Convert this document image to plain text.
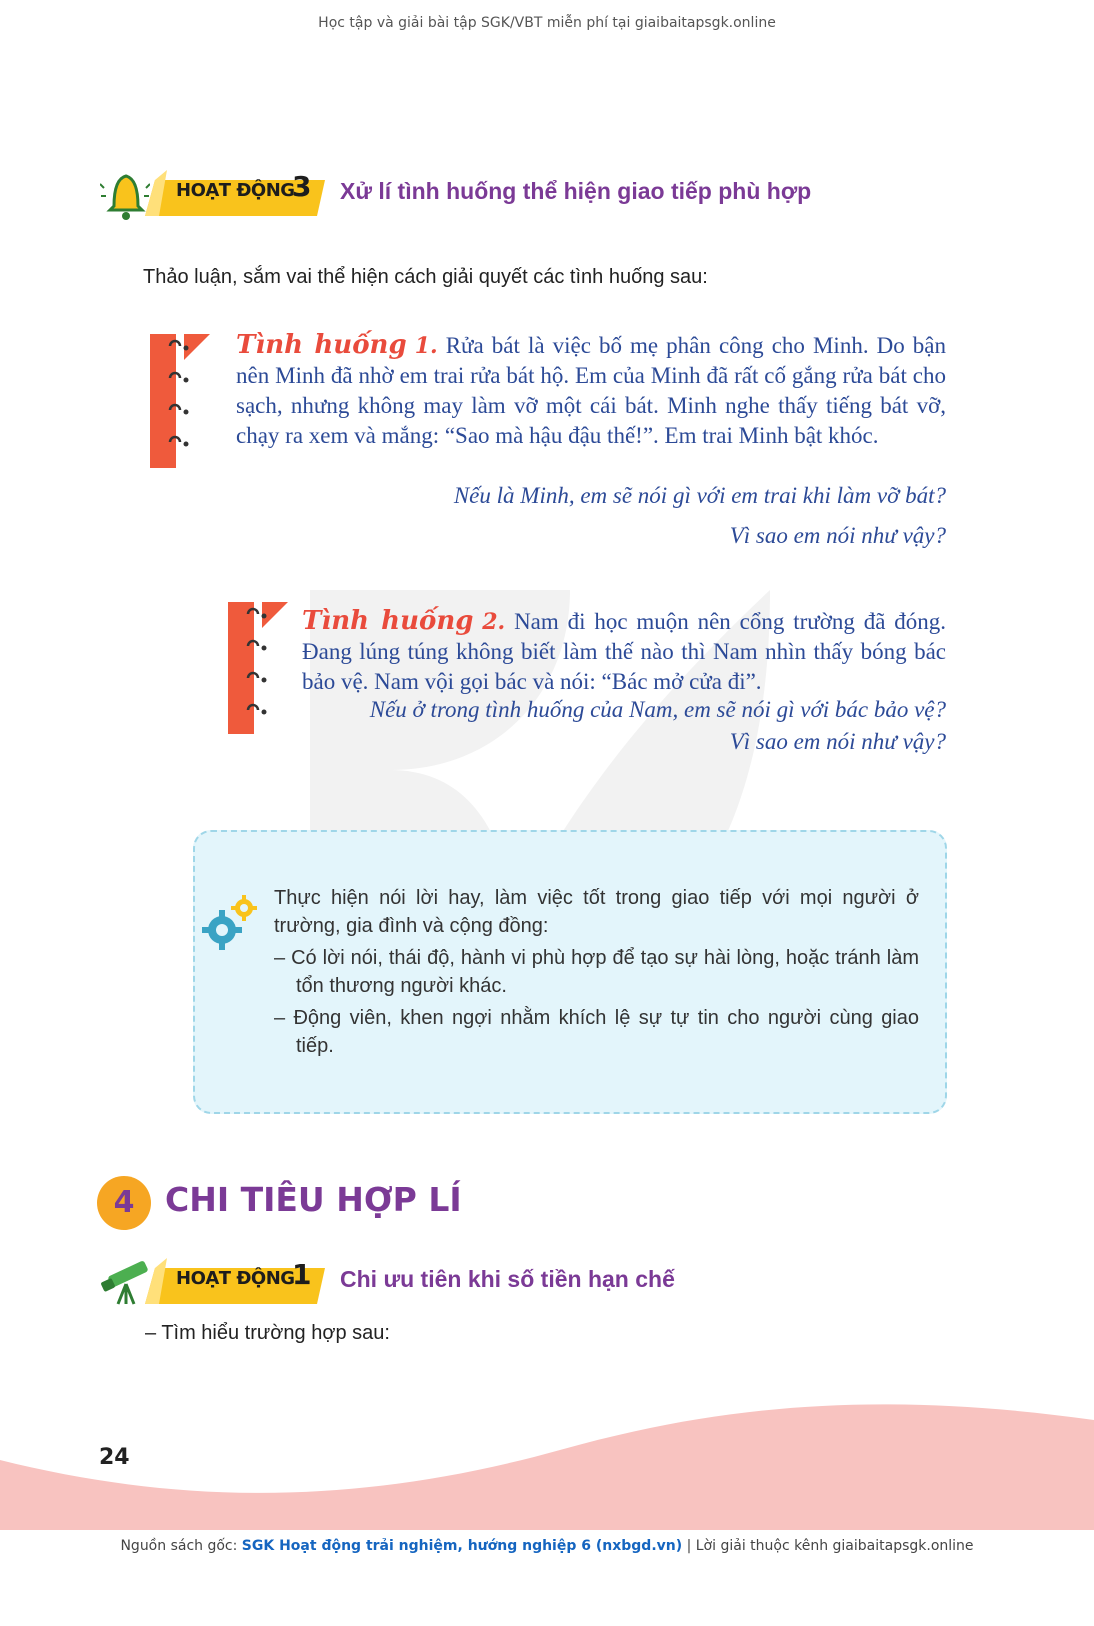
Học tập và giải bài tập SGK/VBT miễn phí tại giaibaitapsgk.online
HOẠT ĐỘNG
3 Xử lí tình huống thể hiện giao tiếp phù hợp
Thảo luận, sắm vai thể hiện cách giải quyết các tình huống sau:
Tình huống 1. Rửa bát là việc bố mẹ phân công cho Minh. Do bận nên Minh đã nhờ em trai rửa bát hộ. Em của Minh đã rất cố gắng rửa bát cho sạch, nhưng không may làm vỡ một cái bát. Minh nghe thấy tiếng bát vỡ, chạy ra xem và mắng: “Sao mà hậu đậu thế!”. Em trai Minh bật khóc.
Nếu là Minh, em sẽ nói gì với em trai khi làm vỡ bát?
Vì sao em nói như vậy?
Tình huống 2. Nam đi học muộn nên cổng trường đã đóng. Đang lúng túng không biết làm thế nào thì Nam nhìn thấy bóng bác bảo vệ. Nam vội gọi bác và nói: “Bác mở cửa đi”.
Nếu ở trong tình huống của Nam, em sẽ nói gì với bác bảo vệ?
Vì sao em nói như vậy?
Thực hiện nói lời hay, làm việc tốt trong giao tiếp với mọi người ở trường, gia đình và cộng đồng:
– Có lời nói, thái độ, hành vi phù hợp để tạo sự hài lòng, hoặc tránh làm tổn thương người khác.
– Động viên, khen ngợi nhằm khích lệ sự tự tin cho người cùng giao tiếp.
4 CHI TIÊU HỢP LÍ
HOẠT ĐỘNG
1 Chi ưu tiên khi số tiền hạn chế
– Tìm hiểu trường hợp sau:
24
Nguồn sách gốc: SGK Hoạt động trải nghiệm, hướng nghiệp 6 (nxbgd.vn) | Lời giải thuộc kênh giaibaitapsgk.online
